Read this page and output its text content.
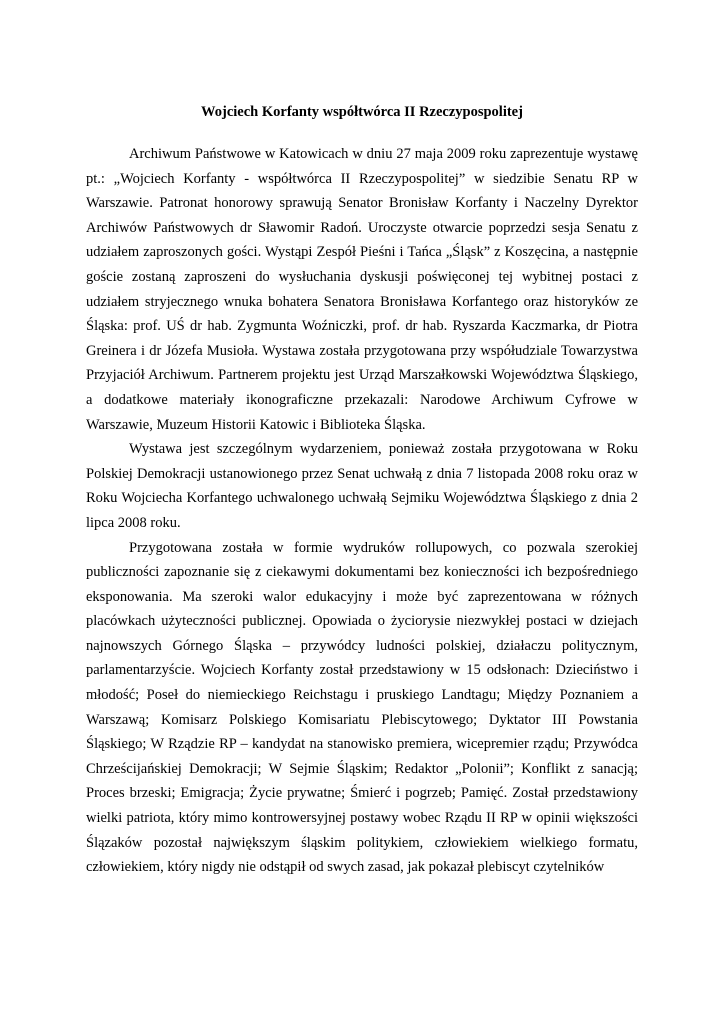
Wojciech Korfanty współtwórca II Rzeczypospolitej

Archiwum Państwowe w Katowicach w dniu 27 maja 2009 roku zaprezentuje wystawę pt.: „Wojciech Korfanty - współtwórca II Rzeczypospolitej” w siedzibie Senatu RP w Warszawie. Patronat honorowy sprawują Senator Bronisław Korfanty i Naczelny Dyrektor Archiwów Państwowych dr Sławomir Radoń. Uroczyste otwarcie poprzedzi sesja Senatu z udziałem zaproszonych gości. Wystąpi Zespół Pieśni i Tańca „Śląsk” z Koszęcina, a następnie goście zostaną zaproszeni do wysłuchania dyskusji poświęconej tej wybitnej postaci z udziałem stryjecznego wnuka bohatera Senatora Bronisława Korfantego oraz historyków ze Śląska: prof. UŚ dr hab. Zygmunta Woźniczki, prof. dr hab. Ryszarda Kaczmarka, dr Piotra Greinera i dr Józefa Musioła. Wystawa została przygotowana przy współudziale Towarzystwa Przyjaciół Archiwum. Partnerem projektu jest Urząd Marszałkowski Województwa Śląskiego, a dodatkowe materiały ikonograficzne przekazali: Narodowe Archiwum Cyfrowe w Warszawie, Muzeum Historii Katowic i Biblioteka Śląska.

Wystawa jest szczególnym wydarzeniem, ponieważ została przygotowana w Roku Polskiej Demokracji ustanowionego przez Senat uchwałą z dnia 7 listopada 2008 roku oraz w Roku Wojciecha Korfantego uchwalonego uchwałą Sejmiku Województwa Śląskiego z dnia 2 lipca 2008 roku.

Przygotowana została w formie wydruków rollupowych, co pozwala szerokiej publiczności zapoznanie się z ciekawymi dokumentami bez konieczności ich bezpośredniego eksponowania. Ma szeroki walor edukacyjny i może być zaprezentowana w różnych placówkach użyteczności publicznej. Opowiada o życiorysie niezwykłej postaci w dziejach najnowszych Górnego Śląska – przywódcy ludności polskiej, działaczu politycznym, parlamentarzyście. Wojciech Korfanty został przedstawiony w 15 odsłonach: Dzieciństwo i młodość; Poseł do niemieckiego Reichstagu i pruskiego Landtagu; Między Poznaniem a Warszawą; Komisarz Polskiego Komisariatu Plebiscytowego; Dyktator III Powstania Śląskiego; W Rządzie RP – kandydat na stanowisko premiera, wicepremier rządu; Przywódca Chrześcijańskiej Demokracji; W Sejmie Śląskim; Redaktor „Polonii”; Konflikt z sanacją; Proces brzeski; Emigracja; Życie prywatne; Śmierć i pogrzeb; Pamięć. Został przedstawiony wielki patriota, który mimo kontrowersyjnej postawy wobec Rządu II RP w opinii większości Ślązaków pozostał największym śląskim politykiem, człowiekiem wielkiego formatu, człowiekiem, który nigdy nie odstąpił od swych zasad, jak pokazał plebiscyt czytelników
